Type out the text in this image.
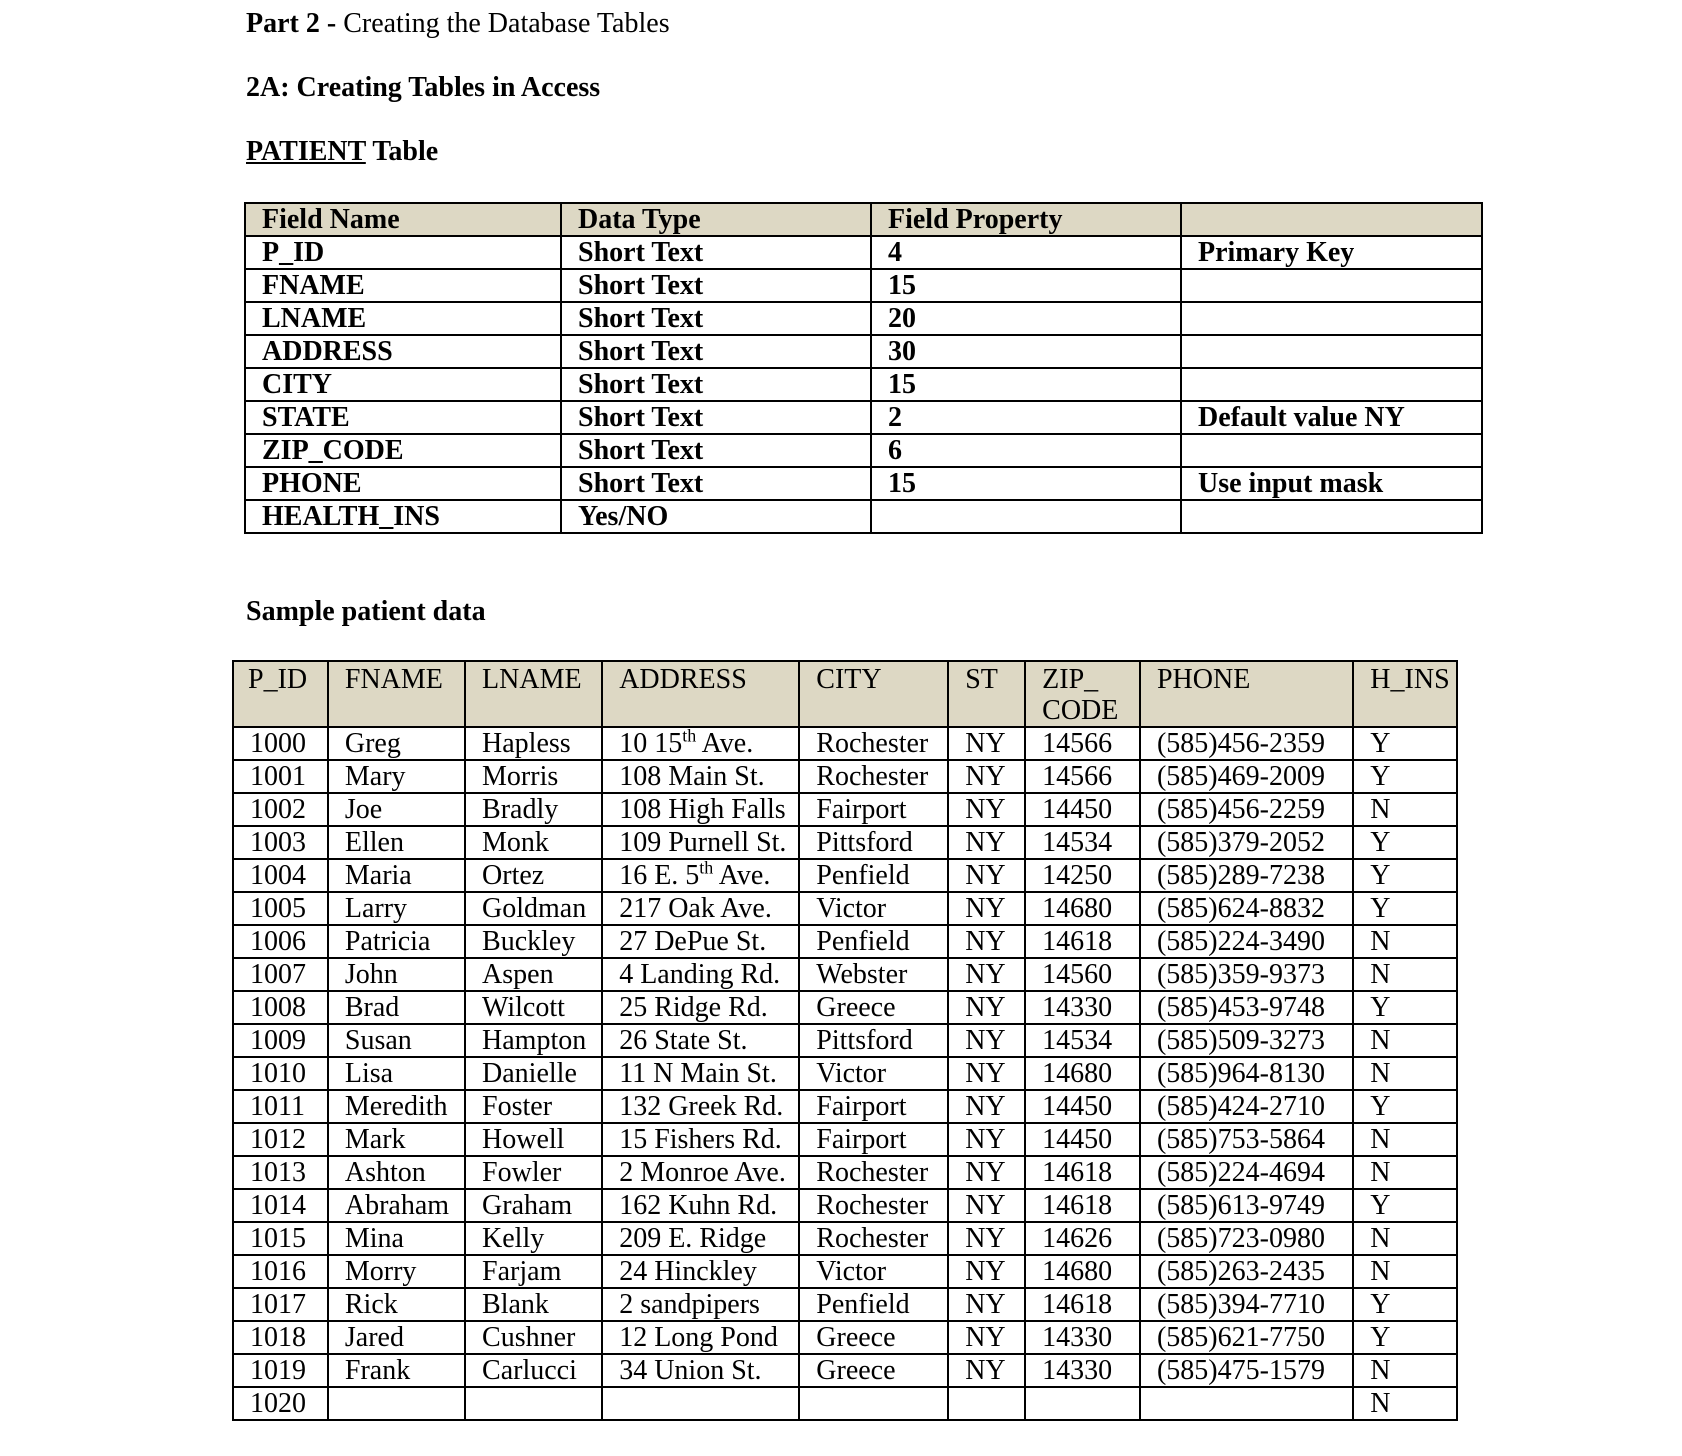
Part 2 - Creating the Database Tables
2A: Creating Tables in Access
PATIENT Table
Field Name	Data Type	Field Property	
P_ID	Short Text	4	Primary Key
FNAME	Short Text	15	
LNAME	Short Text	20	
ADDRESS	Short Text	30	
CITY	Short Text	15	
STATE	Short Text	2	Default value NY
ZIP_CODE	Short Text	6	
PHONE	Short Text	15	Use input mask
HEALTH_INS	Yes/NO		
Sample patient data
P_ID	FNAME	LNAME	ADDRESS	CITY	ST	ZIP_ CODE	PHONE	H_INS
1000	Greg	Hapless	10 15th Ave.	Rochester	NY	14566	(585)456-2359	Y
1001	Mary	Morris	108 Main St.	Rochester	NY	14566	(585)469-2009	Y
1002	Joe	Bradly	108 High Falls	Fairport	NY	14450	(585)456-2259	N
1003	Ellen	Monk	109 Purnell St.	Pittsford	NY	14534	(585)379-2052	Y
1004	Maria	Ortez	16 E. 5th Ave.	Penfield	NY	14250	(585)289-7238	Y
1005	Larry	Goldman	217 Oak Ave.	Victor	NY	14680	(585)624-8832	Y
1006	Patricia	Buckley	27 DePue St.	Penfield	NY	14618	(585)224-3490	N
1007	John	Aspen	4 Landing Rd.	Webster	NY	14560	(585)359-9373	N
1008	Brad	Wilcott	25 Ridge Rd.	Greece	NY	14330	(585)453-9748	Y
1009	Susan	Hampton	26 State St.	Pittsford	NY	14534	(585)509-3273	N
1010	Lisa	Danielle	11 N Main St.	Victor	NY	14680	(585)964-8130	N
1011	Meredith	Foster	132 Greek Rd.	Fairport	NY	14450	(585)424-2710	Y
1012	Mark	Howell	15 Fishers Rd.	Fairport	NY	14450	(585)753-5864	N
1013	Ashton	Fowler	2 Monroe Ave.	Rochester	NY	14618	(585)224-4694	N
1014	Abraham	Graham	162 Kuhn Rd.	Rochester	NY	14618	(585)613-9749	Y
1015	Mina	Kelly	209 E. Ridge	Rochester	NY	14626	(585)723-0980	N
1016	Morry	Farjam	24 Hinckley	Victor	NY	14680	(585)263-2435	N
1017	Rick	Blank	2 sandpipers	Penfield	NY	14618	(585)394-7710	Y
1018	Jared	Cushner	12 Long Pond	Greece	NY	14330	(585)621-7750	Y
1019	Frank	Carlucci	34 Union St.	Greece	NY	14330	(585)475-1579	N
1020								N
